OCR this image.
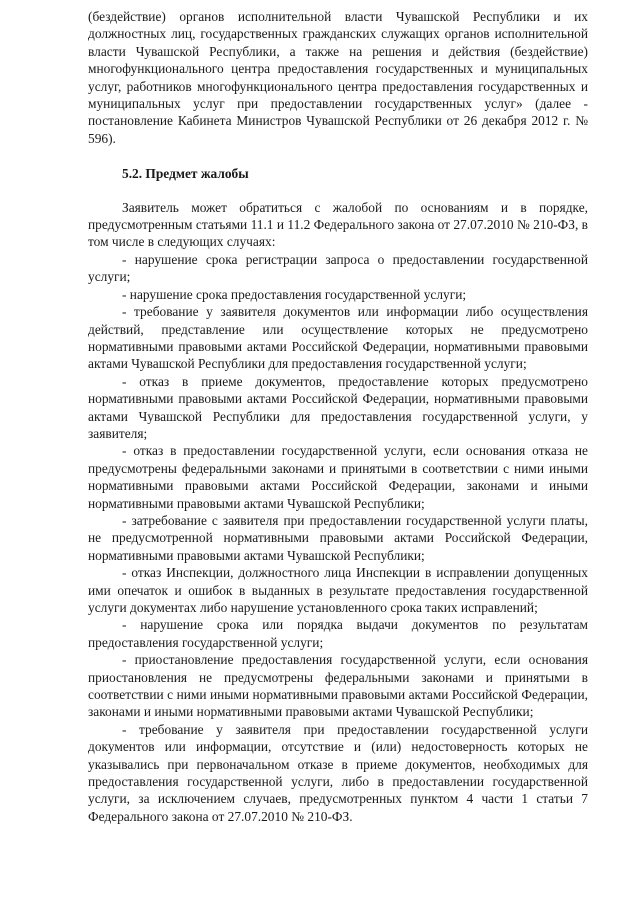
(бездействие) органов исполнительной власти Чувашской Республики и их должностных лиц, государственных гражданских служащих органов исполнительной власти Чувашской Республики, а также на решения и действия (бездействие) многофункционального центра предоставления государственных и муниципальных услуг, работников многофункционального центра предоставления государственных и муниципальных услуг при предоставлении государственных услуг» (далее - постановление Кабинета Министров Чувашской Республики от 26 декабря 2012 г. № 596).

5.2. Предмет жалобы

Заявитель может обратиться с жалобой по основаниям и в порядке, предусмотренным статьями 11.1 и 11.2 Федерального закона от 27.07.2010 № 210-ФЗ, в том числе в следующих случаях:

- нарушение срока регистрации запроса о предоставлении государственной услуги;

- нарушение срока предоставления государственной услуги;

- требование у заявителя документов или информации либо осуществления действий, представление или осуществление которых не предусмотрено нормативными правовыми актами Российской Федерации, нормативными правовыми актами Чувашской Республики для предоставления государственной услуги;

- отказ в приеме документов, предоставление которых предусмотрено нормативными правовыми актами Российской Федерации, нормативными правовыми актами Чувашской Республики для предоставления государственной услуги, у заявителя;

- отказ в предоставлении государственной услуги, если основания отказа не предусмотрены федеральными законами и принятыми в соответствии с ними иными нормативными правовыми актами Российской Федерации, законами и иными нормативными правовыми актами Чувашской Республики;

- затребование с заявителя при предоставлении государственной услуги платы, не предусмотренной нормативными правовыми актами Российской Федерации, нормативными правовыми актами Чувашской Республики;

- отказ Инспекции, должностного лица Инспекции в исправлении допущенных ими опечаток и ошибок в выданных в результате предоставления государственной услуги документах либо нарушение установленного срока таких исправлений;

- нарушение срока или порядка выдачи документов по результатам предоставления государственной услуги;

- приостановление предоставления государственной услуги, если основания приостановления не предусмотрены федеральными законами и принятыми в соответствии с ними иными нормативными правовыми актами Российской Федерации, законами и иными нормативными правовыми актами Чувашской Республики;

- требование у заявителя при предоставлении государственной услуги документов или информации, отсутствие и (или) недостоверность которых не указывались при первоначальном отказе в приеме документов, необходимых для предоставления государственной услуги, либо в предоставлении государственной услуги, за исключением случаев, предусмотренных пунктом 4 части 1 статьи 7 Федерального закона от 27.07.2010 № 210-ФЗ.
